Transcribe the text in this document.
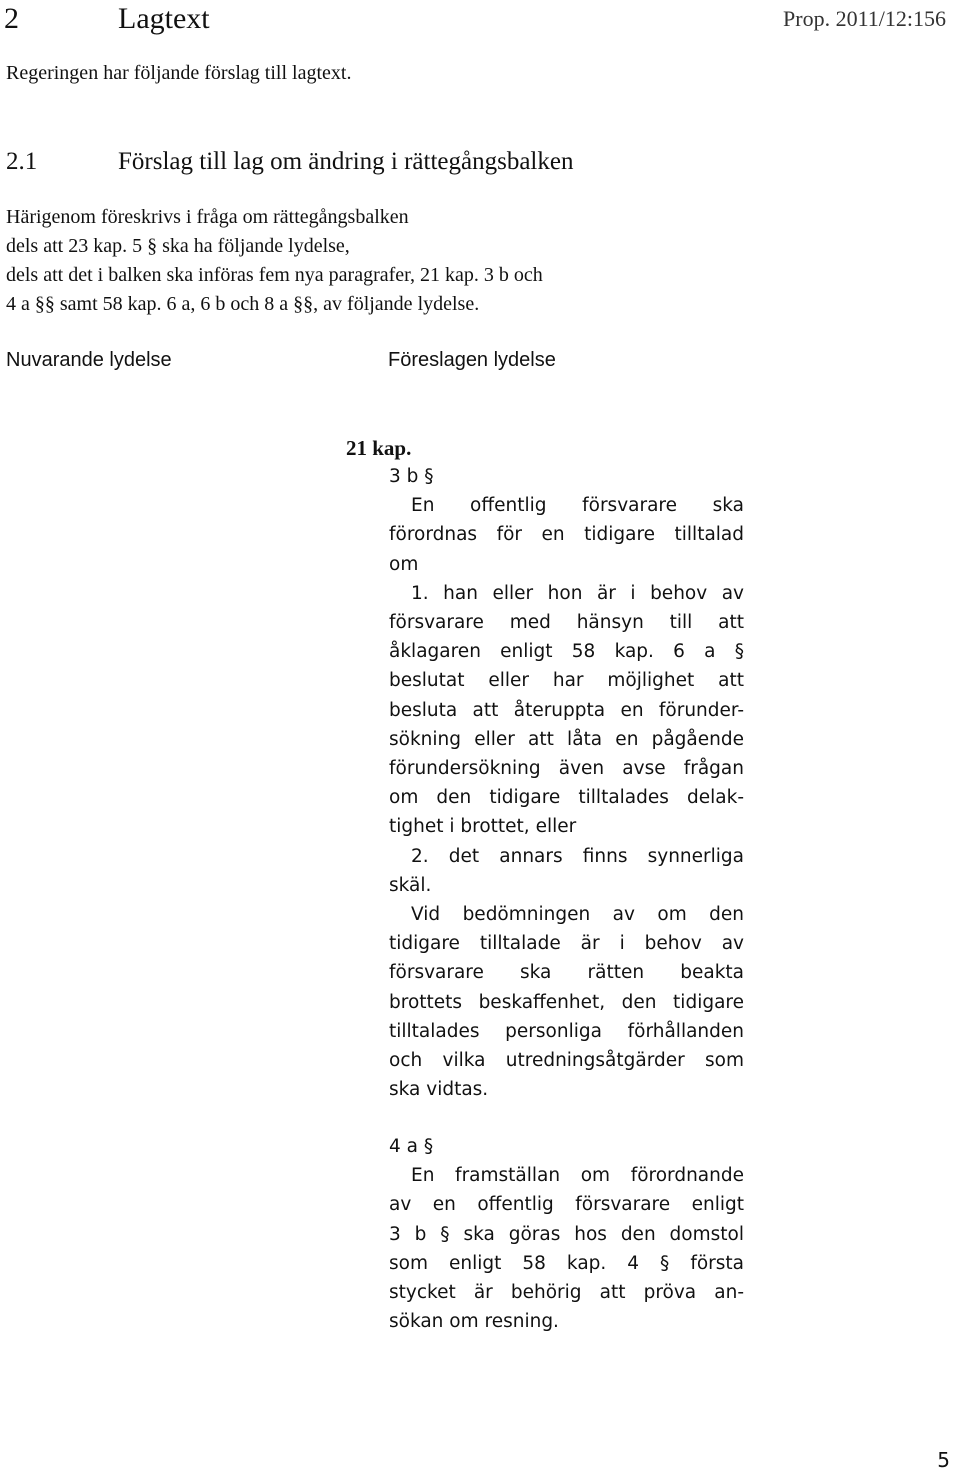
2	Lagtext	Prop. 2011/12:156
Regeringen har följande förslag till lagtext.
2.1	Förslag till lag om ändring i rättegångsbalken
Härigenom föreskrivs i fråga om rättegångsbalken
dels att 23 kap. 5 § ska ha följande lydelse,
dels att det i balken ska införas fem nya paragrafer, 21 kap. 3 b och
4 a §§ samt 58 kap. 6 a, 6 b och 8 a §§, av följande lydelse.
Nuvarande lydelse	Föreslagen lydelse
21 kap.
3 b §
En offentlig försvarare ska
förordnas för en tidigare tilltalad
om
1. han eller hon är i behov av
försvarare med hänsyn till att
åklagaren enligt 58 kap. 6 a §
beslutat eller har möjlighet att
besluta att återuppta en förunder-
sökning eller att låta en pågående
förundersökning även avse frågan
om den tidigare tilltalades delak-
tighet i brottet, eller
2. det annars finns synnerliga
skäl.
Vid bedömningen av om den
tidigare tilltalade är i behov av
försvarare ska rätten beakta
brottets beskaffenhet, den tidigare
tilltalades personliga förhållanden
och vilka utredningsåtgärder som
ska vidtas.
4 a §
En framställan om förordnande
av en offentlig försvarare enligt
3 b § ska göras hos den domstol
som enligt 58 kap. 4 § första
stycket är behörig att pröva an-
sökan om resning.
5
